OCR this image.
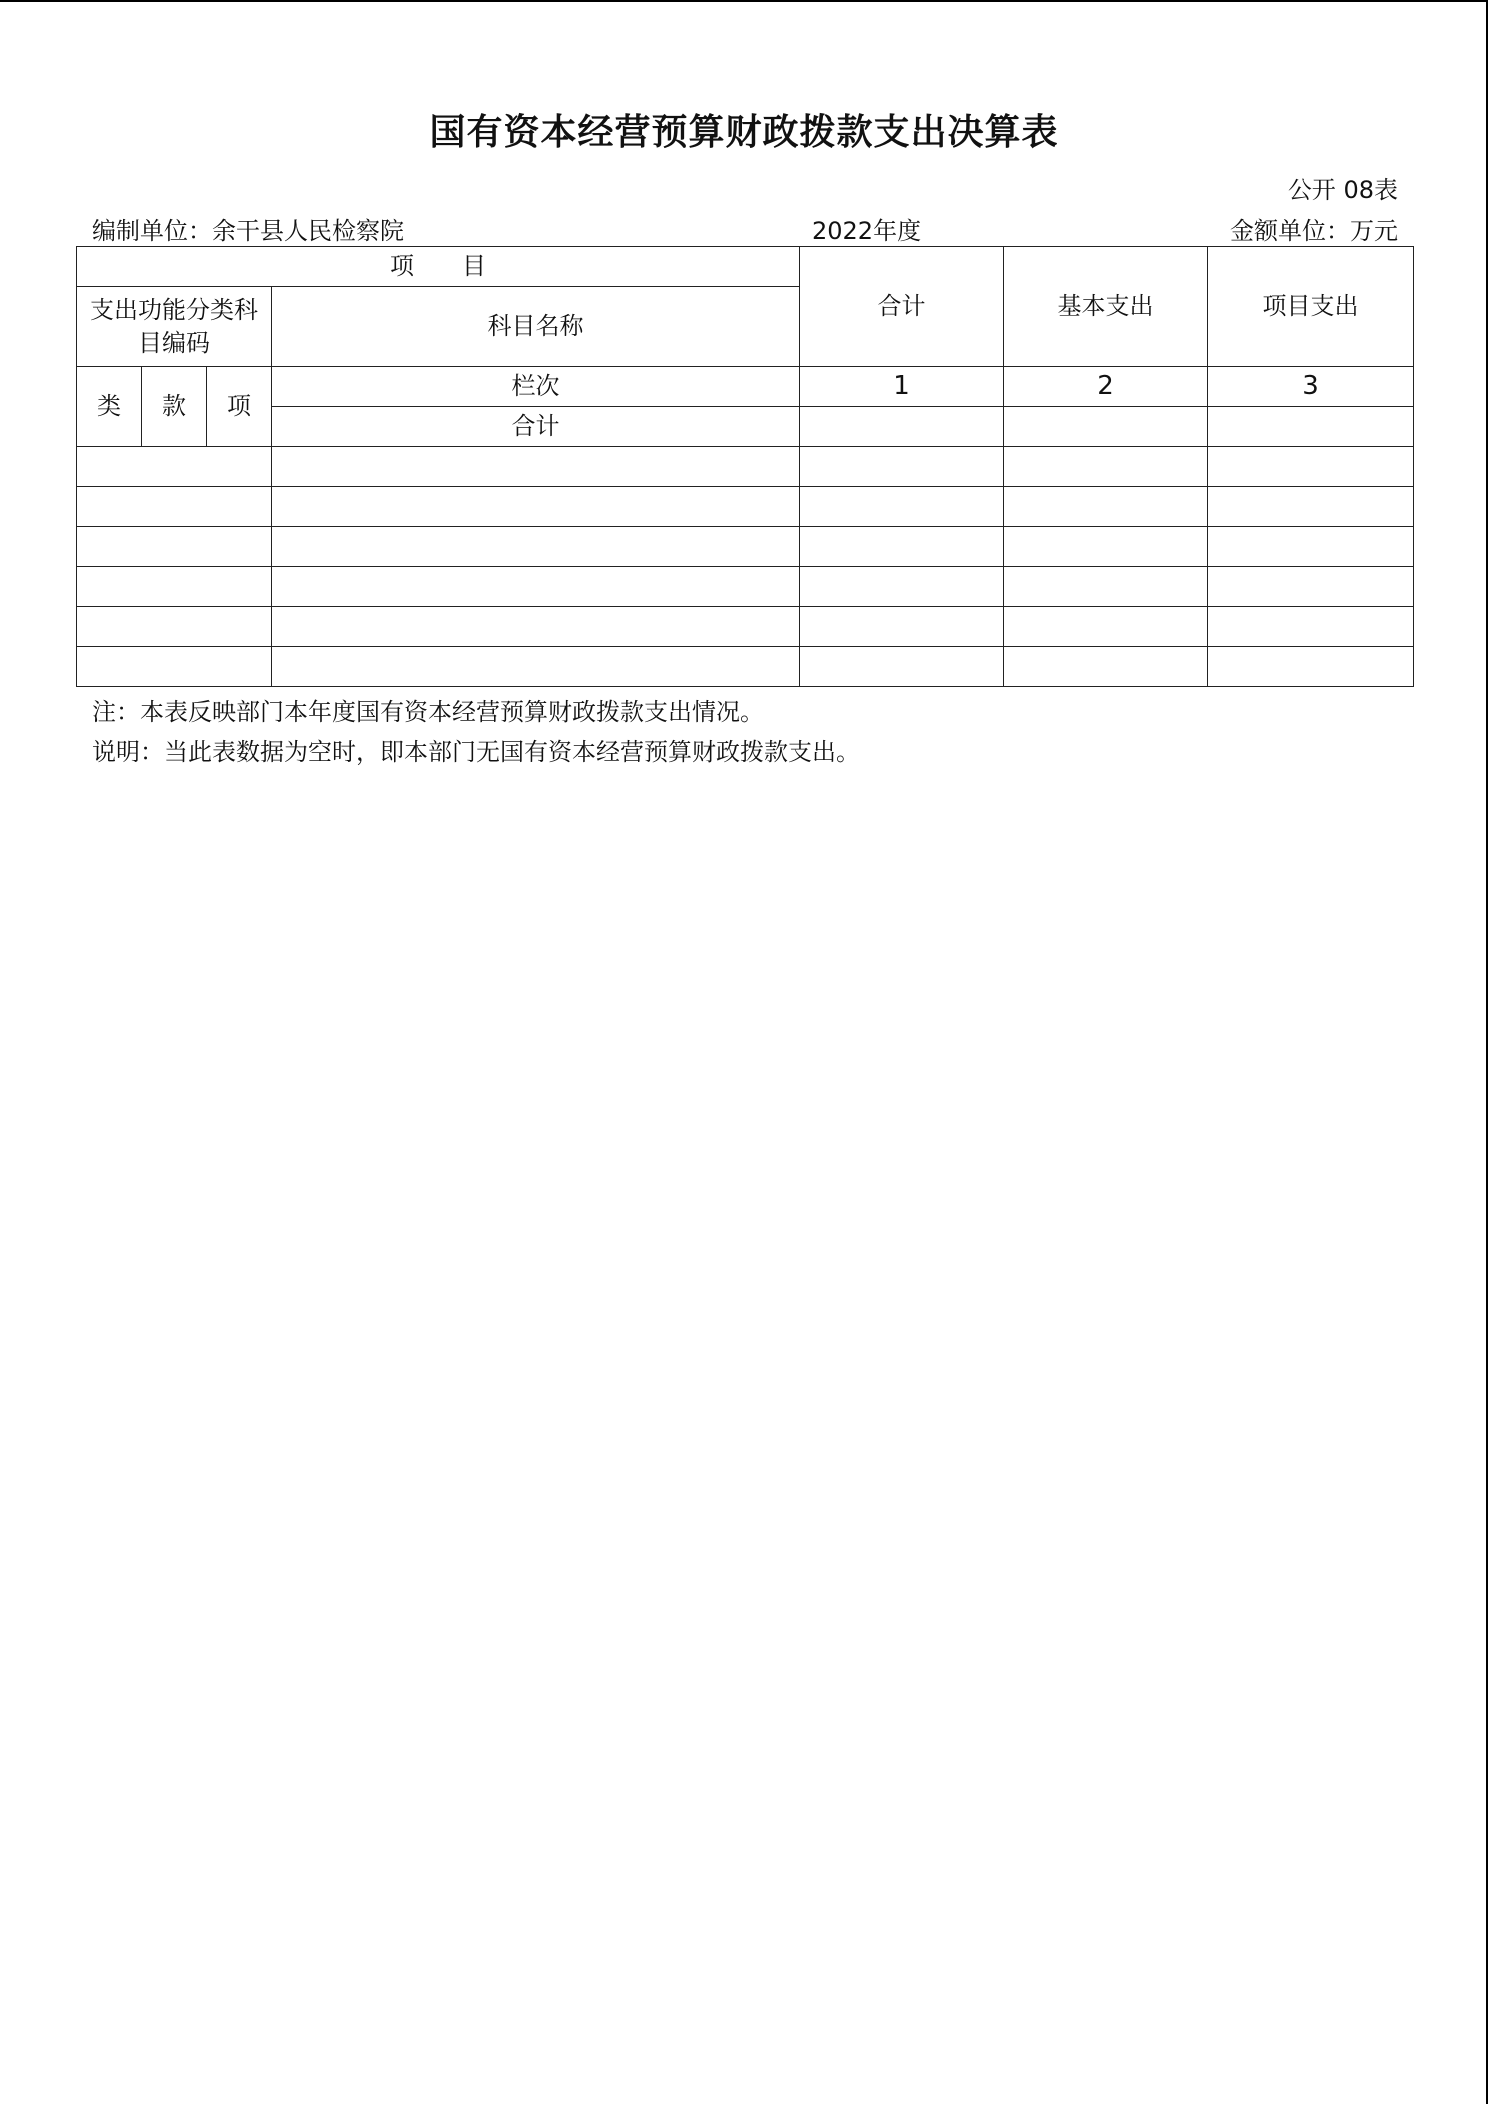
国有资本经营预算财政拨款支出决算表
公开 08表
编制单位：余干县人民检察院	2022年度	金额单位：万元
项　　目				合计	基本支出	项目支出
支出功能分类科目编码			科目名称			
类	款	项	栏次	1	2	3
			合计			

注：本表反映部门本年度国有资本经营预算财政拨款支出情况。
说明：当此表数据为空时，即本部门无国有资本经营预算财政拨款支出。
